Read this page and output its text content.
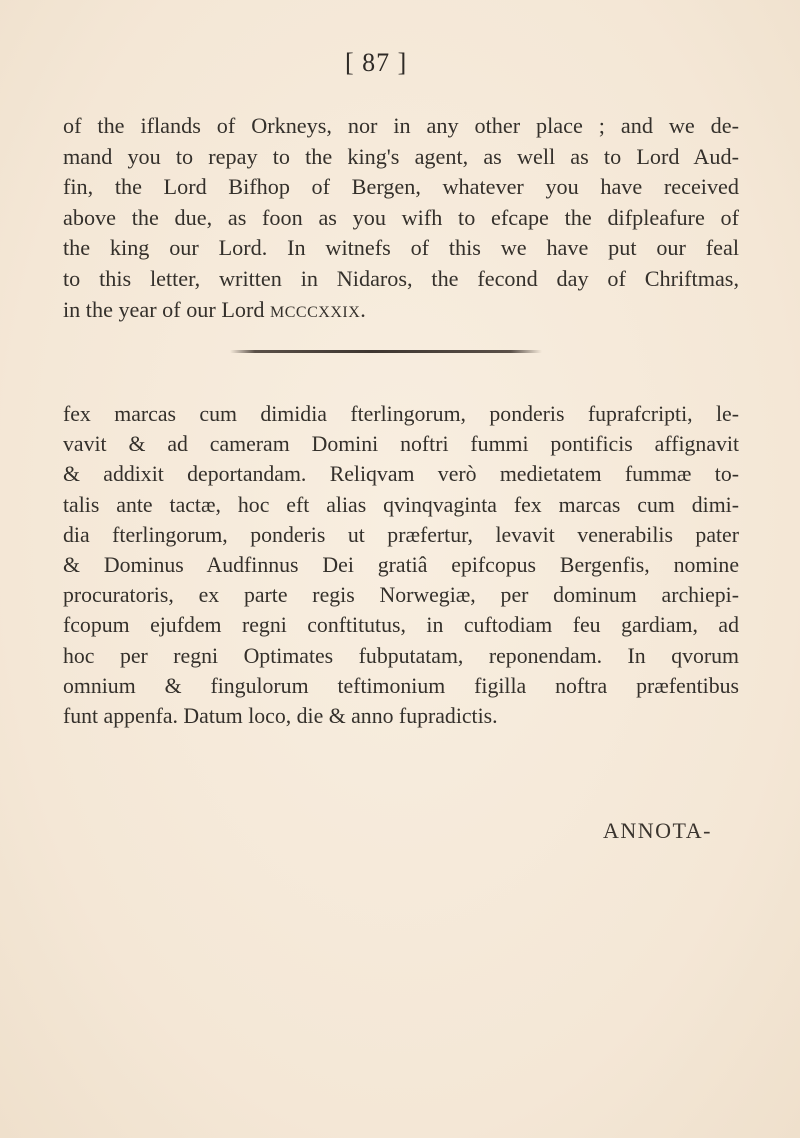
[ 87 ]
of the iflands of Orkneys, nor in any other place ; and we de-
mand you to repay to the king's agent, as well as to Lord Aud-
fin, the Lord Bifhop of Bergen, whatever you have received
above the due, as foon as you wifh to efcape the difpleafure of
the king our Lord. In witnefs of this we have put our feal
to this letter, written in Nidaros, the fecond day of Chriftmas,
in the year of our Lord mcccxxix.
fex marcas cum dimidia fterlingorum, ponderis fuprafcripti, le-
vavit & ad cameram Domini noftri fummi pontificis affignavit
& addixit deportandam. Reliqvam verò medietatem fummæ to-
talis ante tactæ, hoc eft alias qvinqvaginta fex marcas cum dimi-
dia fterlingorum, ponderis ut præfertur, levavit venerabilis pater
& Dominus Audfinnus Dei gratiâ epifcopus Bergenfis, nomine
procuratoris, ex parte regis Norwegiæ, per dominum archiepi-
fcopum ejufdem regni conftitutus, in cuftodiam feu gardiam, ad
hoc per regni Optimates fubputatam, reponendam. In qvorum
omnium & fingulorum teftimonium figilla noftra præfentibus
funt appenfa. Datum loco, die & anno fupradictis.
ANNOTA-
